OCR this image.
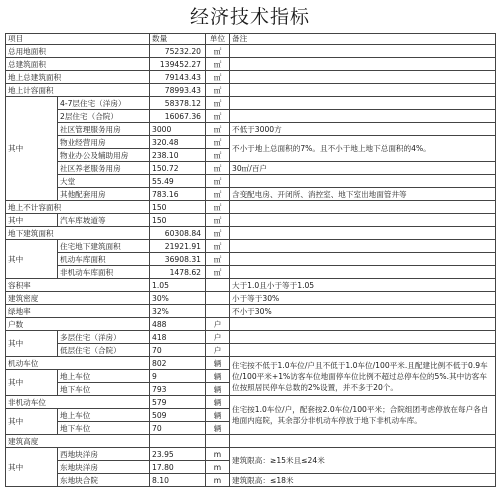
经济技术指标
项目		数量	单位	备注
总用地面积		75232.20	㎡	
总建筑面积		139452.27	㎡	
地上总建筑面积		79143.43	㎡	
地上计容面积		78993.43	㎡	
其中	4-7层住宅（洋房）	58378.12	㎡	
	2层住宅（合院）	16067.36	㎡	
	社区管理服务用房	3000	㎡	不低于3000方
	物业经营用房	320.48	㎡	不小于地上总面积的7%。且不小于地上地下总面积的4%。
	物业办公及辅助用房	238.10	㎡	
	社区养老服务用房	150.72	㎡	30㎡/百户
	大堂	55.49	㎡	
	其他配套用房	783.16	㎡	含变配电房、开闭所、消控室、地下室出地面管井等
地上不计容面积		150	㎡	
其中	汽车库坡道等	150	㎡	
地下建筑面积		60308.84	㎡	
其中	住宅地下建筑面积	21921.91	㎡	
	机动车库面积	36908.31	㎡	
	非机动车库面积	1478.62	㎡	
容积率		1.05		大于1.0且小于等于1.05
建筑密度		30%		小于等于30%
绿地率		32%		不小于30%
户数		488	户	
其中	多层住宅（洋房）	418	户	
	低层住宅（合院）	70	户	
机动车位		802	辆	住宅按不低于1.0车位/户且不低于1.0车位/100平米.且配建比例不低于0.9车位/100平米+1%访客车位地面停车位比例不超过总停车位的5%.其中访客车位按照居民停车总数的2%设置，并不多于20个。
其中	地上车位	9	辆	
	地下车位	793	辆	
非机动车位		579	辆	住宅按1.0车位/户，配套按2.0车位/100平米；合院组团考虑停放在每户各自地面内庭院，其余部分非机动车停放于地下非机动车库。
其中	地上车位	509	辆	
	地下车位	70	辆	
建筑高度				
其中	西地块洋房	23.95	m	建筑限高：≥15米且≤24米
	东地块洋房	17.80	m	
	东地块合院	8.10	m	建筑限高：≤18米
